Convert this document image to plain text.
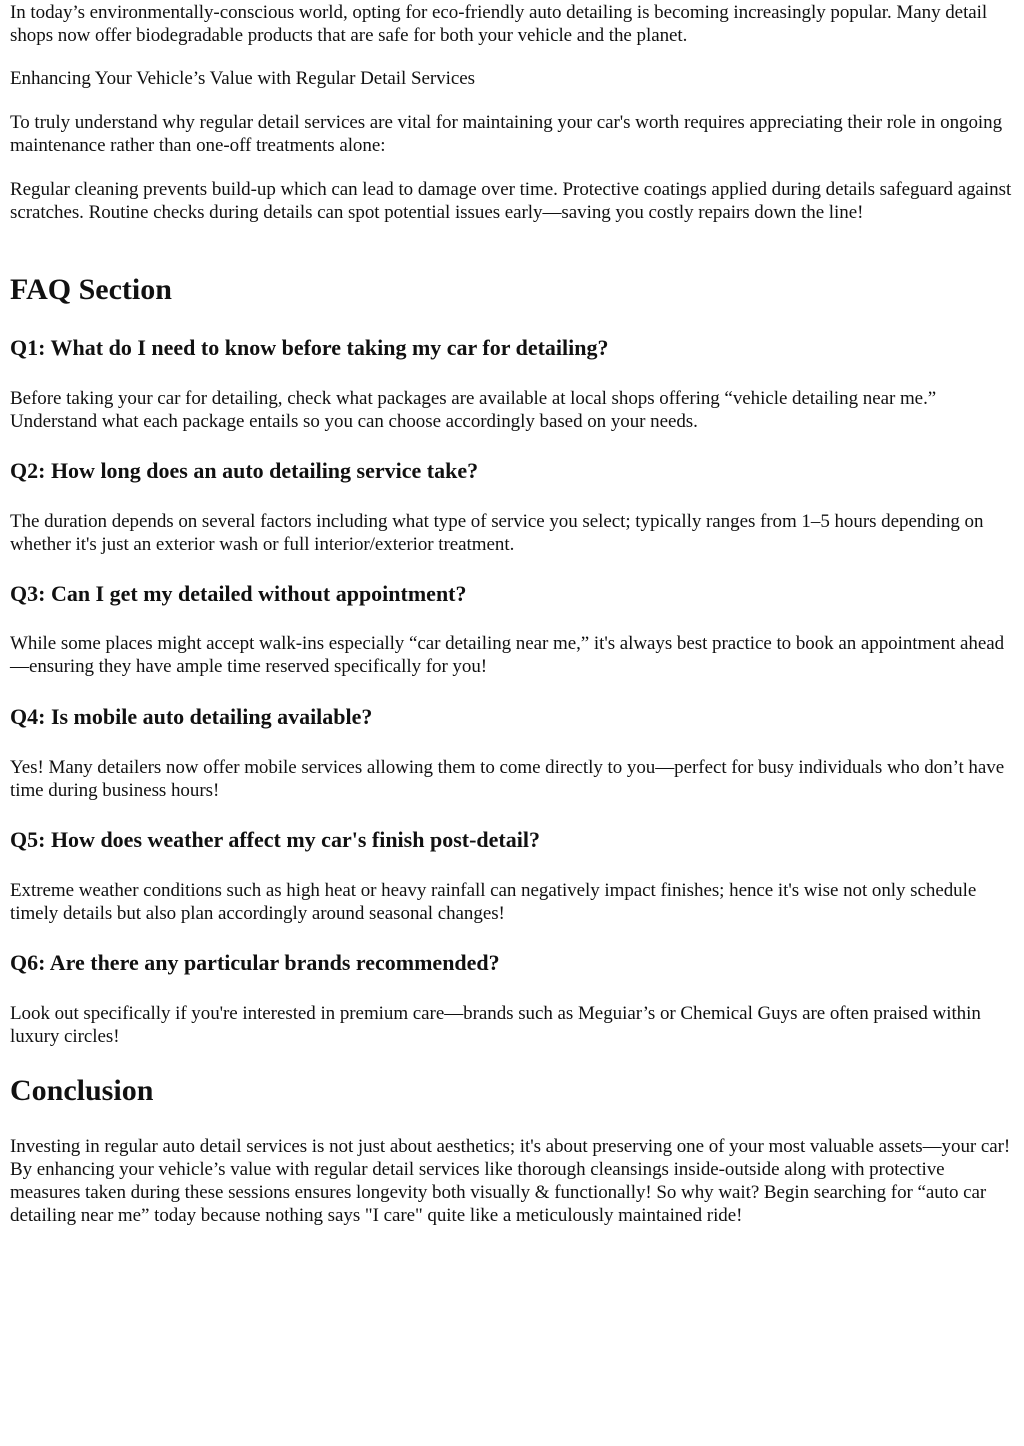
In today’s environmentally-conscious world, opting for eco-friendly auto detailing is becoming increasingly popular. Many detail shops now offer biodegradable products that are safe for both your vehicle and the planet.

Enhancing Your Vehicle’s Value with Regular Detail Services

To truly understand why regular detail services are vital for maintaining your car's worth requires appreciating their role in ongoing maintenance rather than one-off treatments alone:

Regular cleaning prevents build-up which can lead to damage over time. Protective coatings applied during details safeguard against scratches. Routine checks during details can spot potential issues early—saving you costly repairs down the line!

FAQ Section
Q1: What do I need to know before taking my car for detailing?

Before taking your car for detailing, check what packages are available at local shops offering “vehicle detailing near me.” Understand what each package entails so you can choose accordingly based on your needs.

Q2: How long does an auto detailing service take?

The duration depends on several factors including what type of service you select; typically ranges from 1–5 hours depending on whether it's just an exterior wash or full interior/exterior treatment.

Q3: Can I get my detailed without appointment?

While some places might accept walk-ins especially “car detailing near me,” it's always best practice to book an appointment ahead—ensuring they have ample time reserved specifically for you!

Q4: Is mobile auto detailing available?

Yes! Many detailers now offer mobile services allowing them to come directly to you—perfect for busy individuals who don’t have time during business hours!

Q5: How does weather affect my car's finish post-detail?

Extreme weather conditions such as high heat or heavy rainfall can negatively impact finishes; hence it's wise not only schedule timely details but also plan accordingly around seasonal changes!

Q6: Are there any particular brands recommended?

Look out specifically if you're interested in premium care—brands such as Meguiar’s or Chemical Guys are often praised within luxury circles!

Conclusion

Investing in regular auto detail services is not just about aesthetics; it's about preserving one of your most valuable assets—your car! By enhancing your vehicle’s value with regular detail services like thorough cleansings inside-outside along with protective measures taken during these sessions ensures longevity both visually & functionally! So why wait? Begin searching for “auto car detailing near me” today because nothing says "I care" quite like a meticulously maintained ride!
